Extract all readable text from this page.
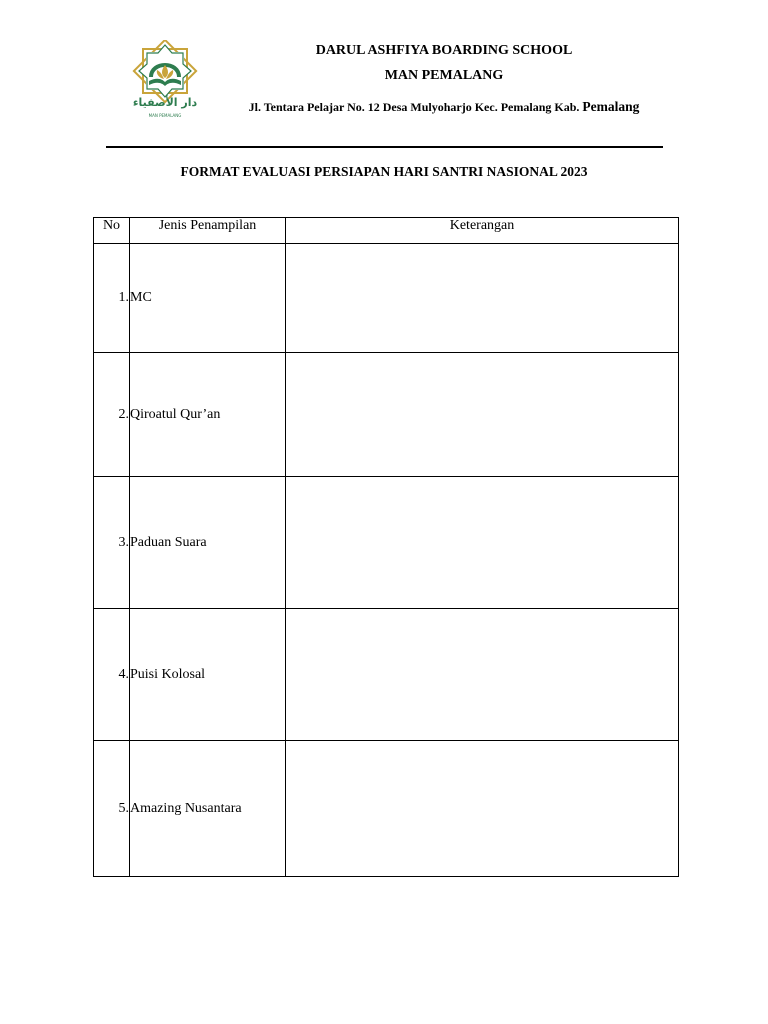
دار الأصفياء
MAN PEMALANG
DARUL ASHFIYA BOARDING SCHOOL
MAN PEMALANG
Jl. Tentara Pelajar No. 12 Desa Mulyoharjo Kec. Pemalang Kab. Pemalang
FORMAT EVALUASI PERSIAPAN HARI SANTRI NASIONAL 2023
No	Jenis Penampilan	Keterangan
1.	MC	
2.	Qiroatul Qur’an	
3.	Paduan Suara	
4.	Puisi Kolosal	
5.	Amazing Nusantara	
